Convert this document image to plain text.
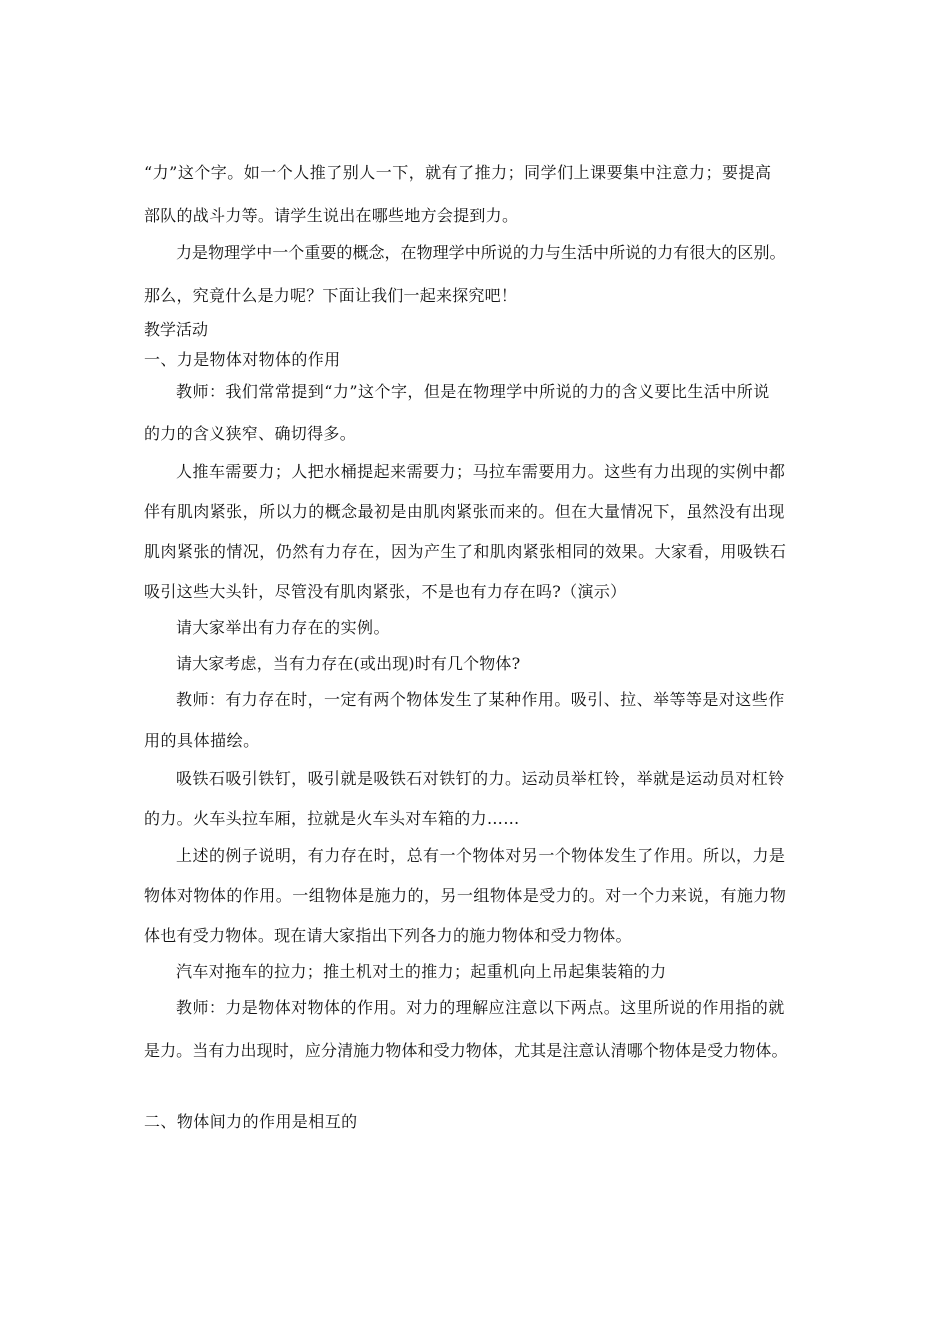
“力”这个字。如一个人推了别人一下，就有了推力；同学们上课要集中注意力；要提高
部队的战斗力等。请学生说出在哪些地方会提到力。
力是物理学中一个重要的概念，在物理学中所说的力与生活中所说的力有很大的区别。
那么，究竟什么是力呢？下面让我们一起来探究吧！
教学活动
一、力是物体对物体的作用
教师：我们常常提到“力”这个字，但是在物理学中所说的力的含义要比生活中所说
的力的含义狭窄、确切得多。
人推车需要力；人把水桶提起来需要力；马拉车需要用力。这些有力出现的实例中都
伴有肌肉紧张，所以力的概念最初是由肌肉紧张而来的。但在大量情况下，虽然没有出现
肌肉紧张的情况，仍然有力存在，因为产生了和肌肉紧张相同的效果。大家看，用吸铁石
吸引这些大头针，尽管没有肌肉紧张，不是也有力存在吗?（演示）
请大家举出有力存在的实例。
请大家考虑，当有力存在(或出现)时有几个物体?
教师：有力存在时，一定有两个物体发生了某种作用。吸引、拉、举等等是对这些作
用的具体描绘。
吸铁石吸引铁钉，吸引就是吸铁石对铁钉的力。运动员举杠铃，举就是运动员对杠铃
的力。火车头拉车厢，拉就是火车头对车箱的力……
上述的例子说明，有力存在时，总有一个物体对另一个物体发生了作用。所以，力是
物体对物体的作用。一组物体是施力的，另一组物体是受力的。对一个力来说，有施力物
体也有受力物体。现在请大家指出下列各力的施力物体和受力物体。
汽车对拖车的拉力；推土机对土的推力；起重机向上吊起集装箱的力
教师：力是物体对物体的作用。对力的理解应注意以下两点。这里所说的作用指的就
是力。当有力出现时，应分清施力物体和受力物体，尤其是注意认清哪个物体是受力物体。
二、物体间力的作用是相互的
